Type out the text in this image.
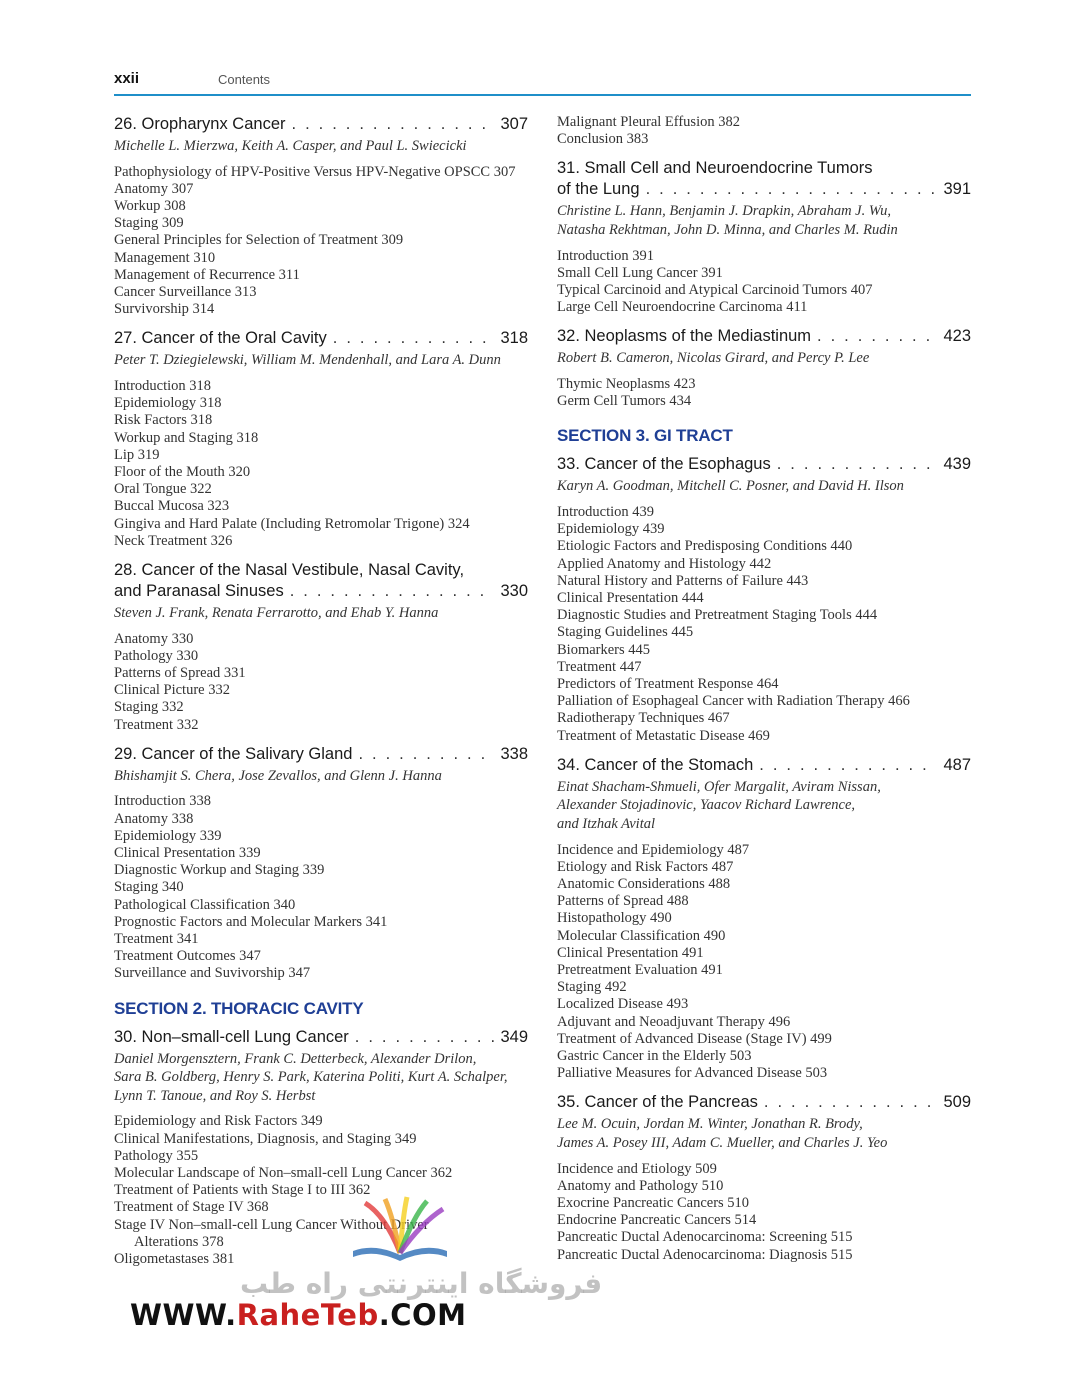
xxii	Contents
26. Oropharynx Cancer . . .	307
Michelle L. Mierzwa, Keith A. Casper, and Paul L. Swiecicki
Pathophysiology of HPV-Positive Versus HPV-Negative OPSCC 307
Anatomy 307
Workup 308
Staging 309
General Principles for Selection of Treatment 309
Management 310
Management of Recurrence 311
Cancer Surveillance 313
Survivorship 314
27. Cancer of the Oral Cavity . . .	318
Peter T. Dziegielewski, William M. Mendenhall, and Lara A. Dunn
Introduction 318
Epidemiology 318
Risk Factors 318
Workup and Staging 318
Lip 319
Floor of the Mouth 320
Oral Tongue 322
Buccal Mucosa 323
Gingiva and Hard Palate (Including Retromolar Trigone) 324
Neck Treatment 326
28. Cancer of the Nasal Vestibule, Nasal Cavity,
and Paranasal Sinuses . . .	330
Steven J. Frank, Renata Ferrarotto, and Ehab Y. Hanna
Anatomy 330
Pathology 330
Patterns of Spread 331
Clinical Picture 332
Staging 332
Treatment 332
29. Cancer of the Salivary Gland . . .	338
Bhishamjit S. Chera, Jose Zevallos, and Glenn J. Hanna
Introduction 338
Anatomy 338
Epidemiology 339
Clinical Presentation 339
Diagnostic Workup and Staging 339
Staging 340
Pathological Classification 340
Prognostic Factors and Molecular Markers 341
Treatment 341
Treatment Outcomes 347
Surveillance and Suvivorship 347
SECTION 2. THORACIC CAVITY
30. Non–small-cell Lung Cancer . . .	349
Daniel Morgensztern, Frank C. Detterbeck, Alexander Drilon,
Sara B. Goldberg, Henry S. Park, Katerina Politi, Kurt A. Schalper,
Lynn T. Tanoue, and Roy S. Herbst
Epidemiology and Risk Factors 349
Clinical Manifestations, Diagnosis, and Staging 349
Pathology 355
Molecular Landscape of Non–small-cell Lung Cancer 362
Treatment of Patients with Stage I to III 362
Treatment of Stage IV 368
Stage IV Non–small-cell Lung Cancer Without Driver
Alterations 378
Oligometastases 381
Malignant Pleural Effusion 382
Conclusion 383
31. Small Cell and Neuroendocrine Tumors
of the Lung . . .	391
Christine L. Hann, Benjamin J. Drapkin, Abraham J. Wu,
Natasha Rekhtman, John D. Minna, and Charles M. Rudin
Introduction 391
Small Cell Lung Cancer 391
Typical Carcinoid and Atypical Carcinoid Tumors 407
Large Cell Neuroendocrine Carcinoma 411
32. Neoplasms of the Mediastinum . . .	423
Robert B. Cameron, Nicolas Girard, and Percy P. Lee
Thymic Neoplasms 423
Germ Cell Tumors 434
SECTION 3. GI TRACT
33. Cancer of the Esophagus . . .	439
Karyn A. Goodman, Mitchell C. Posner, and David H. Ilson
Introduction 439
Epidemiology 439
Etiologic Factors and Predisposing Conditions 440
Applied Anatomy and Histology 442
Natural History and Patterns of Failure 443
Clinical Presentation 444
Diagnostic Studies and Pretreatment Staging Tools 444
Staging Guidelines 445
Biomarkers 445
Treatment 447
Predictors of Treatment Response 464
Palliation of Esophageal Cancer with Radiation Therapy 466
Radiotherapy Techniques 467
Treatment of Metastatic Disease 469
34. Cancer of the Stomach . . .	487
Einat Shacham-Shmueli, Ofer Margalit, Aviram Nissan,
Alexander Stojadinovic, Yaacov Richard Lawrence,
and Itzhak Avital
Incidence and Epidemiology 487
Etiology and Risk Factors 487
Anatomic Considerations 488
Patterns of Spread 488
Histopathology 490
Molecular Classification 490
Clinical Presentation 491
Pretreatment Evaluation 491
Staging 492
Localized Disease 493
Adjuvant and Neoadjuvant Therapy 496
Treatment of Advanced Disease (Stage IV) 499
Gastric Cancer in the Elderly 503
Palliative Measures for Advanced Disease 503
35. Cancer of the Pancreas . . .	509
Lee M. Ocuin, Jordan M. Winter, Jonathan R. Brody,
James A. Posey III, Adam C. Mueller, and Charles J. Yeo
Incidence and Etiology 509
Anatomy and Pathology 510
Exocrine Pancreatic Cancers 510
Endocrine Pancreatic Cancers 514
Pancreatic Ductal Adenocarcinoma: Screening 515
Pancreatic Ductal Adenocarcinoma: Diagnosis 515
فروشگاه اینترنتی راه طب
WWW.RaheTeb.COM
